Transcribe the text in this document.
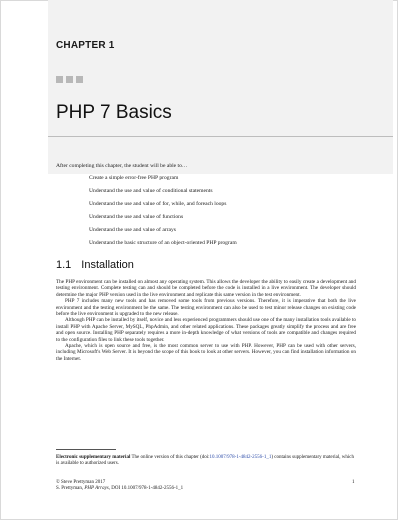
CHAPTER 1
PHP 7 Basics

After completing this chapter, the student will be able to…

Create a simple error-free PHP program
Understand the use and value of conditional statements
Understand the use and value of for, while, and foreach loops
Understand the use and value of functions
Understand the use and value of arrays
Understand the basic structure of an object-oriented PHP program
1.1 Installation

The PHP environment can be installed on almost any operating system. This allows the developer the ability to easily create a development and testing environment. Complete testing can and should be completed before the code is installed in a live environment. The developer should determine the major PHP version used in the live environment and replicate this same version in the test environment.

PHP 7 includes many new tools and has removed some tools from previous versions. Therefore, it is imperative that both the live environment and the testing environment be the same. The testing environment can also be used to test minor release changes on existing code before the live environment is upgraded to the new release.

Although PHP can be installed by itself, novice and less experienced programmers should use one of the many installation tools available to install PHP with Apache Server, MySQL, PhpAdmin, and other related applications. These packages greatly simplify the process and are free and open source. Installing PHP separately requires a more in-depth knowledge of what versions of tools are compatible and changes required to the configuration files to link these tools together.

Apache, which is open source and free, is the most common server to use with PHP. However, PHP can be used with other servers, including Microsoft's Web Server. It is beyond the scope of this book to look at other servers. However, you can find installation information on the Internet.

Electronic supplementary material The online version of this chapter (doi:10.1007/978-1-4842-2556-1_1) contains supplementary material, which is available to authorized users.
© Steve Prettyman 2017
S. Prettyman, PHP Arrays, DOI 10.1007/978-1-4842-2556-1_1
1
